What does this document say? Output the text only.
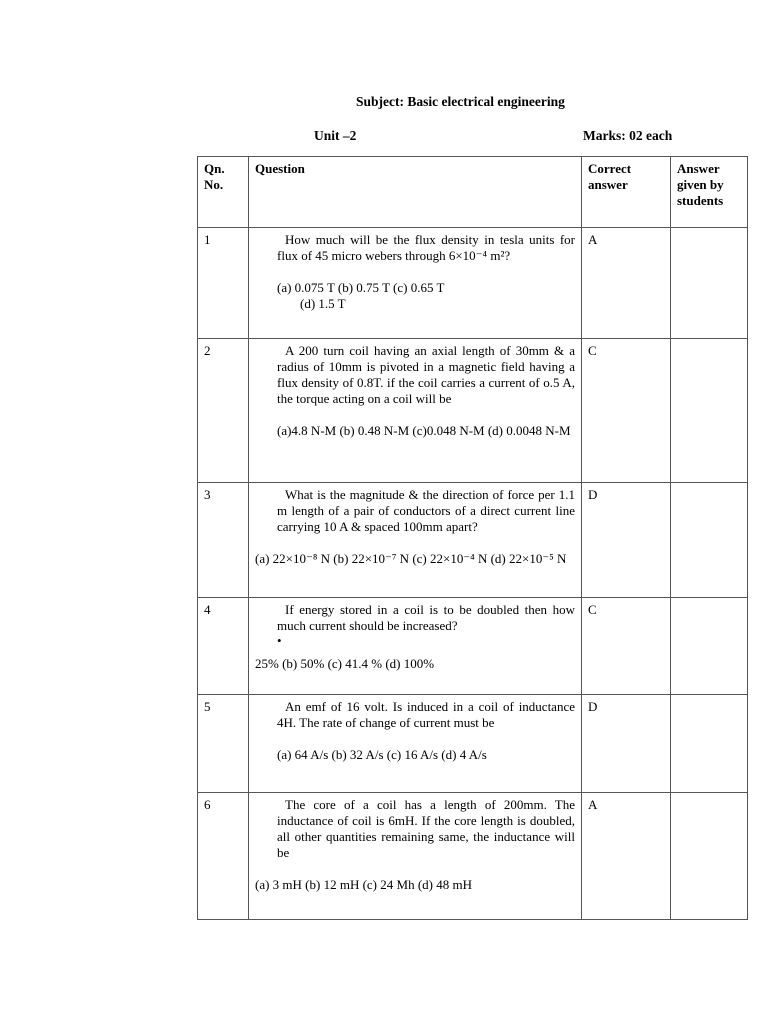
Subject: Basic electrical engineering
Unit –2	Marks: 02 each
Qn. No.	Question	Correct answer	Answer given by students
1	How much will be the flux density in tesla units for flux of 45 micro webers through 6×10⁻⁴ m²?
(a) 0.075 T (b) 0.75 T (c) 0.65 T
(d) 1.5 T	A	
2	A 200 turn coil having an axial length of 30mm & a radius of 10mm is pivoted in a magnetic field having a flux density of 0.8T. if the coil carries a current of o.5 A, the torque acting on a coil will be
(a)4.8 N-M (b) 0.48 N-M (c)0.048 N-M (d) 0.0048 N-M	C	
3	What is the magnitude & the direction of force per 1.1 m length of a pair of conductors of a direct current line carrying 10 A & spaced 100mm apart?
(a) 22×10⁻⁸ N (b) 22×10⁻⁷ N (c) 22×10⁻⁴ N (d) 22×10⁻⁵ N	D	
4	If energy stored in a coil is to be doubled then how much current should be increased?
•
25% (b) 50% (c) 41.4 % (d) 100%	C	
5	An emf of 16 volt. Is induced in a coil of inductance 4H. The rate of change of current must be
(a) 64 A/s (b) 32 A/s (c) 16 A/s (d) 4 A/s	D	
6	The core of a coil has a length of 200mm. The inductance of coil is 6mH. If the core length is doubled, all other quantities remaining same, the inductance will be
(a) 3 mH (b) 12 mH (c) 24 Mh (d) 48 mH	A	
